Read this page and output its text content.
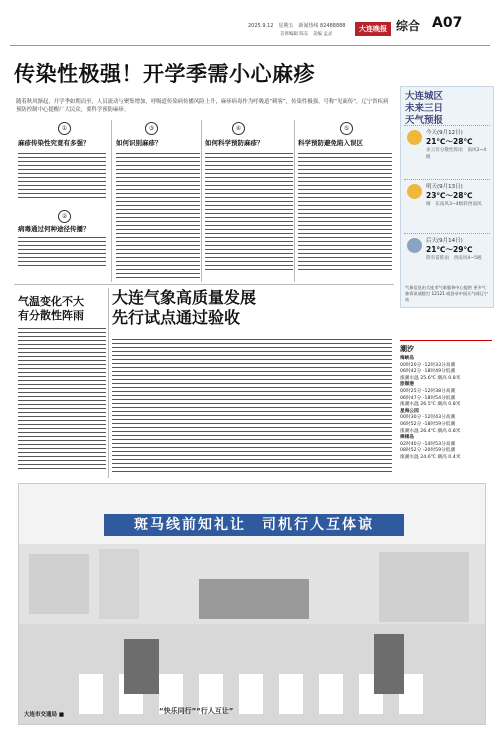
2025.9.12　星期五　新闻热线 82488888
首席编辑 陈东　美编 孟灵
大连晚报 综合 A07
传染性极强！开学季需小心麻疹
随着秋风渐起，开学季如期而至，人员流动与聚集增加，呼吸道传染病传播风险上升，麻疹病毒作为呼吸道“刺客”，传染性极强，号称“见面传”，辽宁省疾病预防控制中心提醒广大民众，要科学预防麻疹。
①
麻疹传染性究竟有多强？
③
如何识别麻疹？
④
如何科学预防麻疹？
⑤
科学预防避免陷入误区
②
病毒通过何种途径传播？
大连城区
未来三日
天气预报
今天(9月12日)
21℃～28℃
多云有分散性阵雨　南风3~4级
明天(9月13日)
23℃～28℃
晴　东南风3~4级转西南风
后天(9月14日)
21℃～29℃
阴有雷阵雨　西南风4~5级
气象信息由大连市气象服务中心提供 更多气象资讯请拨打 12121 或登录中国天气网辽宁站
气温变化不大
有分散性阵雨
大连气象高质量发展
先行试点通过验收
潮汐
梅峡岛
00时20分 -12时33分高潮
06时42分 -18时49分低潮
涨潮水温 25.6℃ 潮高 0.8米
旅顺港
00时25分 -12时38分高潮
06时47分 -18时54分低潮
涨潮水温 26.5℃ 潮高 0.8米
星海公园
00时30分 -12时43分高潮
06时52分 -18时59分低潮
涨潮水温 26.4℃ 潮高 0.8米
棒棰岛
02时40分 -14时53分高潮
08时52分 -20时59分低潮
涨潮水温 24.6℃ 潮高 0.4米
斑马线前知礼让　司机行人互体谅
“快乐同行”“行人互让”
大连市交通局 ■
